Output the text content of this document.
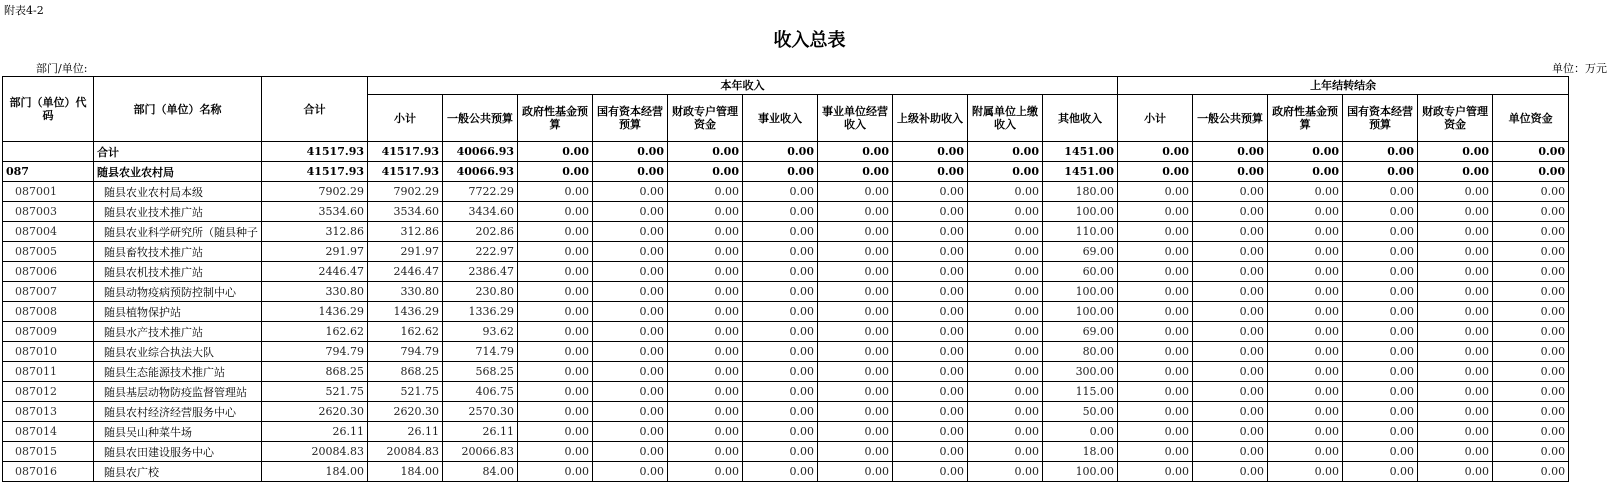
附表4-2
收入总表
部门/单位:	单位：万元
部门（单位）代码	部门（单位）名称	合计	本年收入										上年结转结余					
			小计	一般公共预算	政府性基金预算	国有资本经营预算	财政专户管理资金	事业收入	事业单位经营收入	上级补助收入	附属单位上缴收入	其他收入	小计	一般公共预算	政府性基金预算	国有资本经营预算	财政专户管理资金	单位资金
	合计	41517.93	41517.93	40066.93	0.00	0.00	0.00	0.00	0.00	0.00	0.00	1451.00	0.00	0.00	0.00	0.00	0.00	0.00
087	随县农业农村局	41517.93	41517.93	40066.93	0.00	0.00	0.00	0.00	0.00	0.00	0.00	1451.00	0.00	0.00	0.00	0.00	0.00	0.00
087001	随县农业农村局本级	7902.29	7902.29	7722.29	0.00	0.00	0.00	0.00	0.00	0.00	0.00	180.00	0.00	0.00	0.00	0.00	0.00	0.00
087003	随县农业技术推广站	3534.60	3534.60	3434.60	0.00	0.00	0.00	0.00	0.00	0.00	0.00	100.00	0.00	0.00	0.00	0.00	0.00	0.00
087004	随县农业科学研究所（随县种子	312.86	312.86	202.86	0.00	0.00	0.00	0.00	0.00	0.00	0.00	110.00	0.00	0.00	0.00	0.00	0.00	0.00
087005	随县畜牧技术推广站	291.97	291.97	222.97	0.00	0.00	0.00	0.00	0.00	0.00	0.00	69.00	0.00	0.00	0.00	0.00	0.00	0.00
087006	随县农机技术推广站	2446.47	2446.47	2386.47	0.00	0.00	0.00	0.00	0.00	0.00	0.00	60.00	0.00	0.00	0.00	0.00	0.00	0.00
087007	随县动物疫病预防控制中心	330.80	330.80	230.80	0.00	0.00	0.00	0.00	0.00	0.00	0.00	100.00	0.00	0.00	0.00	0.00	0.00	0.00
087008	随县植物保护站	1436.29	1436.29	1336.29	0.00	0.00	0.00	0.00	0.00	0.00	0.00	100.00	0.00	0.00	0.00	0.00	0.00	0.00
087009	随县水产技术推广站	162.62	162.62	93.62	0.00	0.00	0.00	0.00	0.00	0.00	0.00	69.00	0.00	0.00	0.00	0.00	0.00	0.00
087010	随县农业综合执法大队	794.79	794.79	714.79	0.00	0.00	0.00	0.00	0.00	0.00	0.00	80.00	0.00	0.00	0.00	0.00	0.00	0.00
087011	随县生态能源技术推广站	868.25	868.25	568.25	0.00	0.00	0.00	0.00	0.00	0.00	0.00	300.00	0.00	0.00	0.00	0.00	0.00	0.00
087012	随县基层动物防疫监督管理站	521.75	521.75	406.75	0.00	0.00	0.00	0.00	0.00	0.00	0.00	115.00	0.00	0.00	0.00	0.00	0.00	0.00
087013	随县农村经济经营服务中心	2620.30	2620.30	2570.30	0.00	0.00	0.00	0.00	0.00	0.00	0.00	50.00	0.00	0.00	0.00	0.00	0.00	0.00
087014	随县吴山种菜牛场	26.11	26.11	26.11	0.00	0.00	0.00	0.00	0.00	0.00	0.00	0.00	0.00	0.00	0.00	0.00	0.00	0.00
087015	随县农田建设服务中心	20084.83	20084.83	20066.83	0.00	0.00	0.00	0.00	0.00	0.00	0.00	18.00	0.00	0.00	0.00	0.00	0.00	0.00
087016	随县农广校	184.00	184.00	84.00	0.00	0.00	0.00	0.00	0.00	0.00	0.00	100.00	0.00	0.00	0.00	0.00	0.00	0.00
